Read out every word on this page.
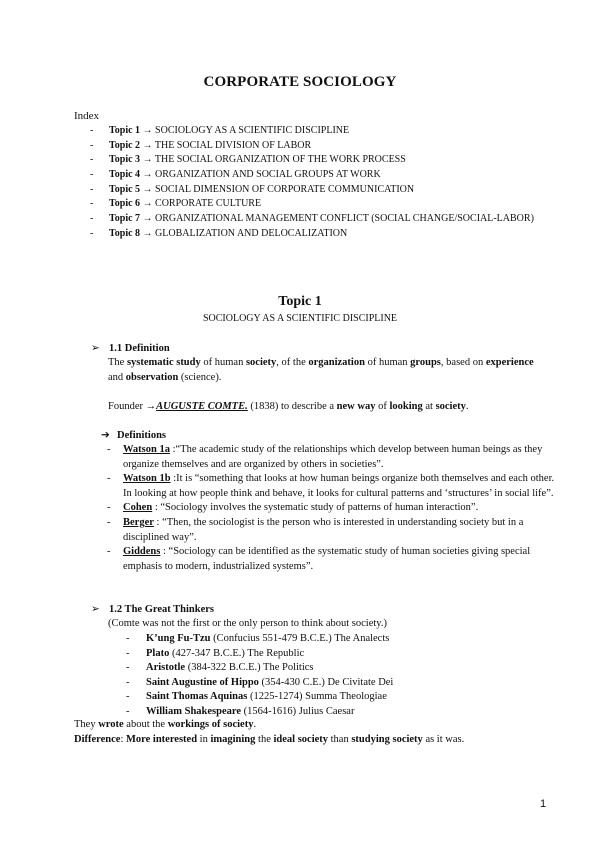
CORPORATE SOCIOLOGY
Index
- Topic 1 → SOCIOLOGY AS A SCIENTIFIC DISCIPLINE
- Topic 2 → THE SOCIAL DIVISION OF LABOR
- Topic 3 → THE SOCIAL ORGANIZATION OF THE WORK PROCESS
- Topic 4 → ORGANIZATION AND SOCIAL GROUPS AT WORK
- Topic 5 → SOCIAL DIMENSION OF CORPORATE COMMUNICATION
- Topic 6 → CORPORATE CULTURE
- Topic 7 → ORGANIZATIONAL MANAGEMENT CONFLICT (SOCIAL CHANGE/SOCIAL-LABOR)
- Topic 8 → GLOBALIZATION AND DELOCALIZATION
Topic 1
SOCIOLOGY AS A SCIENTIFIC DISCIPLINE
➢ 1.1 Definition
The systematic study of human society, of the organization of human groups, based on experience and observation (science).
Founder →AUGUSTE COMTE. (1838) to describe a new way of looking at society.
➔ Definitions
- Watson 1a :“The academic study of the relationships which develop between human beings as they organize themselves and are organized by others in societies”.
- Watson 1b :It is “something that looks at how human beings organize both themselves and each other. In looking at how people think and behave, it looks for cultural patterns and ‘structures’ in social life”.
- Cohen : “Sociology involves the systematic study of patterns of human interaction”.
- Berger : “Then, the sociologist is the person who is interested in understanding society but in a disciplined way”.
- Giddens : “Sociology can be identified as the systematic study of human societies giving special emphasis to modern, industrialized systems”.
➢ 1.2 The Great Thinkers
(Comte was not the first or the only person to think about society.)
- K’ung Fu-Tzu (Confucius 551-479 B.C.E.) The Analects
- Plato (427-347 B.C.E.) The Republic
- Aristotle (384-322 B.C.E.) The Politics
- Saint Augustine of Hippo (354-430 C.E.) De Civitate Dei
- Saint Thomas Aquinas (1225-1274) Summa Theologiae
- William Shakespeare (1564-1616) Julius Caesar
They wrote about the workings of society.
Difference: More interested in imagining the ideal society than studying society as it was.
1
